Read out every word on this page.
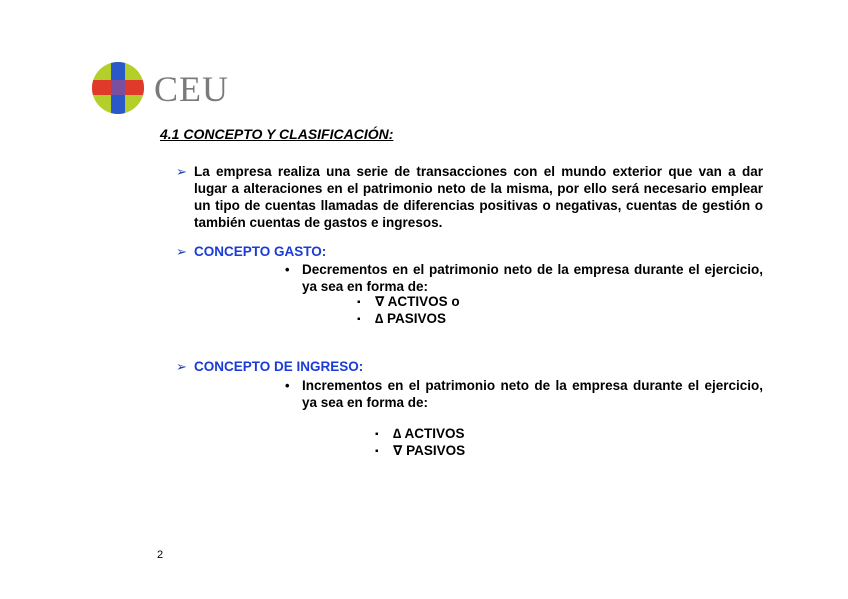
CEU
4.1 CONCEPTO Y CLASIFICACIÓN:
➢ La empresa realiza una serie de transacciones con el mundo exterior que van a dar lugar a alteraciones en el patrimonio neto de la misma, por ello será necesario emplear un tipo de cuentas llamadas de diferencias positivas o negativas, cuentas de gestión o también cuentas de gastos e ingresos.
➢ CONCEPTO GASTO:
• Decrementos en el patrimonio neto de la empresa durante el ejercicio, ya sea en forma de:
▪ ∇ ACTIVOS o
▪ ∆ PASIVOS
➢ CONCEPTO DE INGRESO:
• Incrementos en el patrimonio neto de la empresa durante el ejercicio, ya sea en forma de:
▪ ∆ ACTIVOS
▪ ∇ PASIVOS
2
